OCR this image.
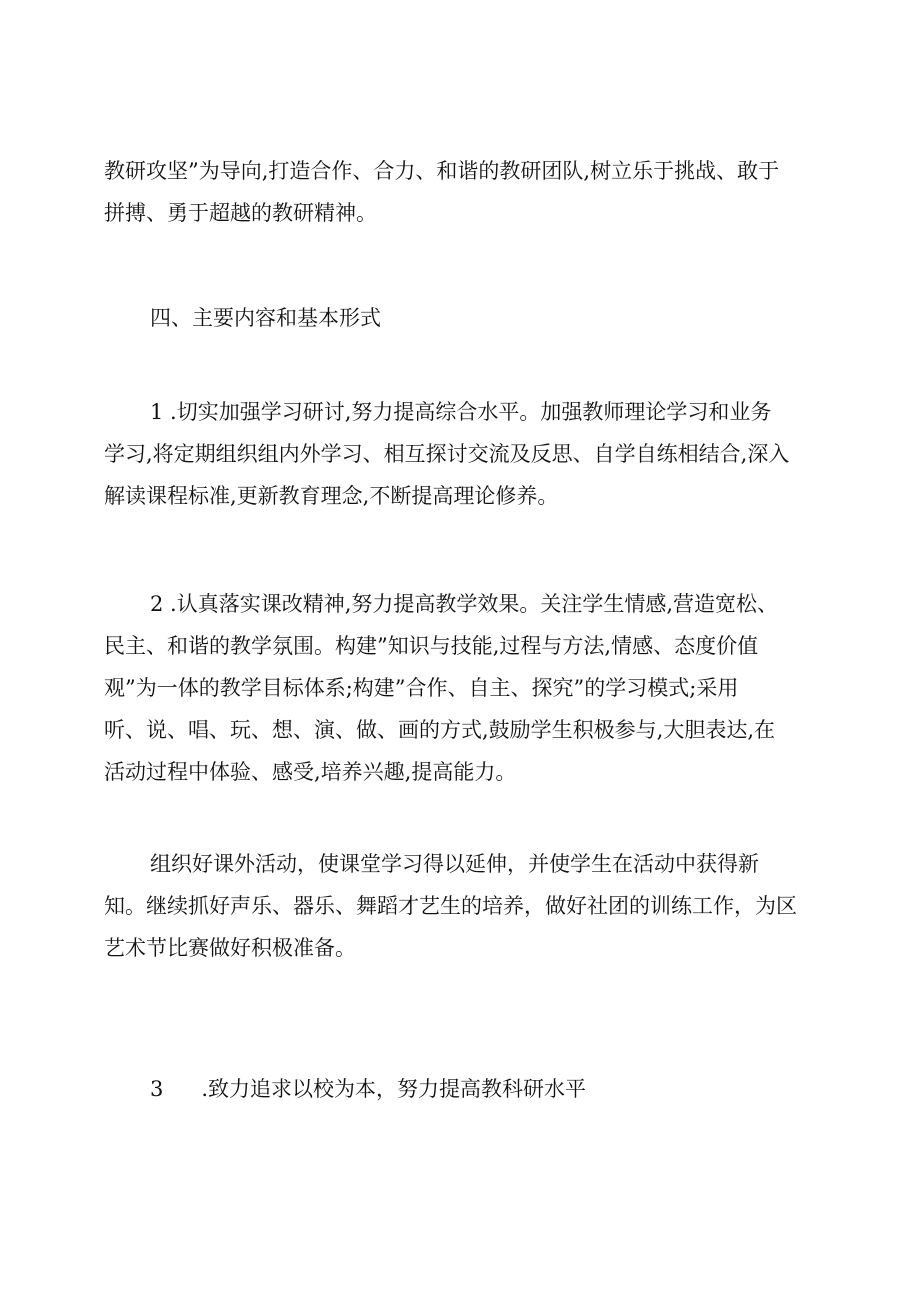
教研攻坚”为导向,打造合作、合力、和谐的教研团队,树立乐于挑战、敢于
拼搏、勇于超越的教研精神。

四、主要内容和基本形式

1 .切实加强学习研讨,努力提高综合水平。加强教师理论学习和业务
学习,将定期组织组内外学习、相互探讨交流及反思、自学自练相结合,深入
解读课程标准,更新教育理念,不断提高理论修养。

2 .认真落实课改精神,努力提高教学效果。关注学生情感,营造宽松、
民主、和谐的教学氛围。构建”知识与技能,过程与方法,情感、态度价值
观”为一体的教学目标体系;构建”合作、自主、探究”的学习模式;采用
听、说、唱、玩、想、演、做、画的方式,鼓励学生积极参与,大胆表达,在
活动过程中体验、感受,培养兴趣,提高能力。

组织好课外活动，使课堂学习得以延伸，并使学生在活动中获得新
知。继续抓好声乐、器乐、舞蹈才艺生的培养，做好社团的训练工作，为区
艺术节比赛做好积极准备。

3 .致力追求以校为本，努力提高教科研水平
